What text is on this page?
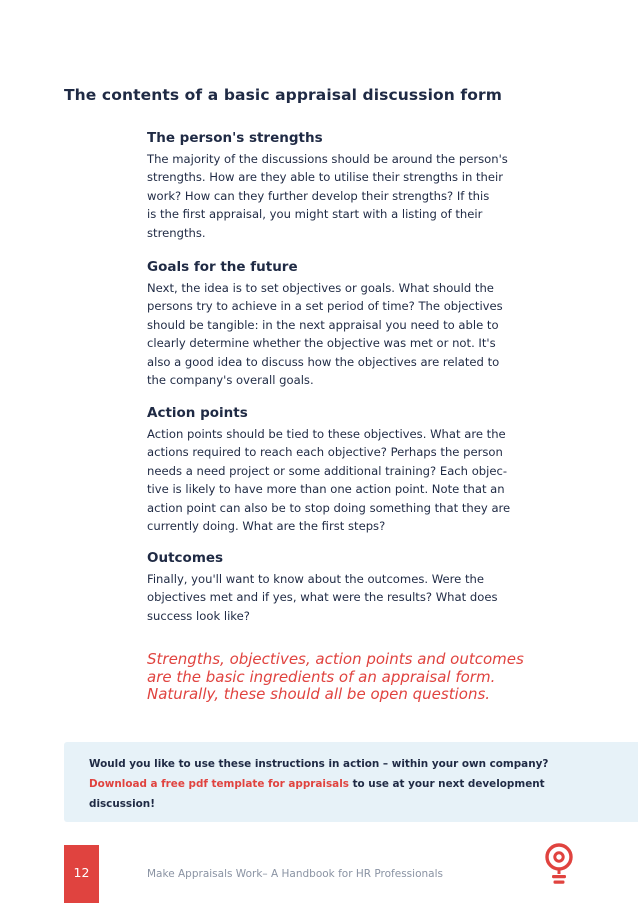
The contents of a basic appraisal discussion form
The person's strengths

The majority of the discussions should be around the person's
strengths. How are they able to utilise their strengths in their
work? How can they further develop their strengths? If this
is the first appraisal, you might start with a listing of their
strengths.

Goals for the future

Next, the idea is to set objectives or goals. What should the
persons try to achieve in a set period of time? The objectives
should be tangible: in the next appraisal you need to able to
clearly determine whether the objective was met or not. It's
also a good idea to discuss how the objectives are related to
the company's overall goals.

Action points

Action points should be tied to these objectives. What are the
actions required to reach each objective? Perhaps the person
needs a need project or some additional training? Each objec-
tive is likely to have more than one action point. Note that an
action point can also be to stop doing something that they are
currently doing. What are the first steps?

Outcomes

Finally, you'll want to know about the outcomes. Were the
objectives met and if yes, what were the results? What does
success look like?

Strengths, objectives, action points and outcomes
are the basic ingredients of an appraisal form.
Naturally, these should all be open questions.
Would you like to use these instructions in action – within your own company?
Download a free pdf template for appraisals to use at your next development
discussion!
12	Make Appraisals Work– A Handbook for HR Professionals
